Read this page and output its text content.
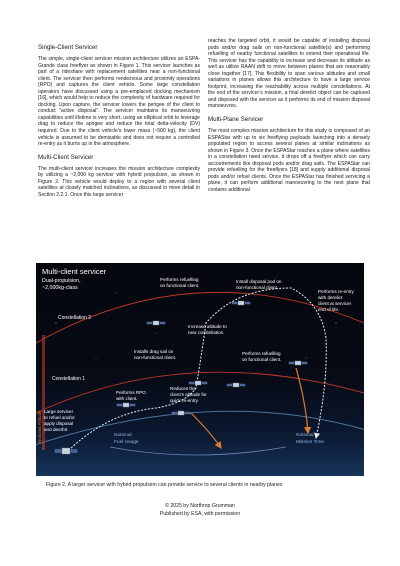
Single-Client Servicer

The simple, single-client servicer mission architecture utilizes an ESPA-Grande class freeflyer as shown in Figure 1. This servicer launches as part of a rideshare with replacement satellites near a non-functional client. The servicer then performs rendezvous and proximity operations (RPO) and captures the client vehicle. Some large constellation operators have discussed using a pre-emplaced docking mechanism [16], which would help to reduce the complexity of hardware required for docking. Upon capture, the servicer lowers the perigee of the client to conduct “active disposal”. The servicer maintains its manoeuvring capabilities until lifetime is very short, using an elliptical orbit to leverage drag to reduce the apogee and reduce the total delta-velocity (DV) required. Due to the client vehicle’s lower mass (~500 kg), the client vehicle is assumed to be demisable and does not require a controlled re-entry as it burns up in the atmosphere.

Multi-Client Servicer

The multi-client servicer increases the mission architecture complexity by utilizing a ~2,000 kg servicer with hybrid propulsion, as shown in Figure 2. This vehicle would deploy to a region with several client satellites at closely matched inclinations, as discussed in more detail in Section 2.2.1. Once this large servicer

reaches the targeted orbit, it would be capable of installing disposal pods and/or drag sails on non-functional satellite(s) and performing refuelling of nearby functional satellites to extend their operational life. This servicer has the capability to increase and decrease its altitude as well as utilize RAAN drift to move between planes that are reasonably close together [17]. This flexibility to span various altitudes and small variations in planes allows this architecture to have a large service footprint, increasing the reachability across multiple constellations. At the end of the servicer’s mission, a final derelict object can be captured and disposed with the servicer as it performs its end of mission disposal manoeuvres.

Multi-Plane Servicer

The most complex mission architecture for this study is composed of an ESPAStar with up to six freeflying payloads launching into a densely populated region to access several planes at similar inclinations as shown in Figure 3. Once the ESPAStar reaches a plane where satellites in a constellation need service, it drops off a freeflyer which can carry accoutrements like disposal pods and/or drag sails. The ESPAStar can provide refuelling for the freeflyers [18] and supply additional disposal pods and/or refuel clients. Once the ESPAStar has finished servicing a plane, it can perform additional manoeuvring to the next plane that contains additional

Multi-client servicer
Dual-propulsion,
~2,000kg-class
Constellation 2
Constellation 1
Notional Altitude
Performs refuelling
on functional client.
Install disposal pod on
non-functional client.
Performs re-entry
with derelict
client at servicer
end of life.
Increase altitude to
new constellation.
Installs drag sail on
non-functional client.
Performs refuelling
on functional client.
Performs RPO
with client.
Reduces the
client’s altitude for
quick re-entry.
Large servicer
to refuel and/or
apply disposal
and deorbit.
Notional
Fuel Usage
Notional
Mission Time
Figure 2. A larger servicer with hybrid propulsion can provide service to several clients in nearby planes
© 2025 by Northrop Grumman
Published by ESA, with permission
